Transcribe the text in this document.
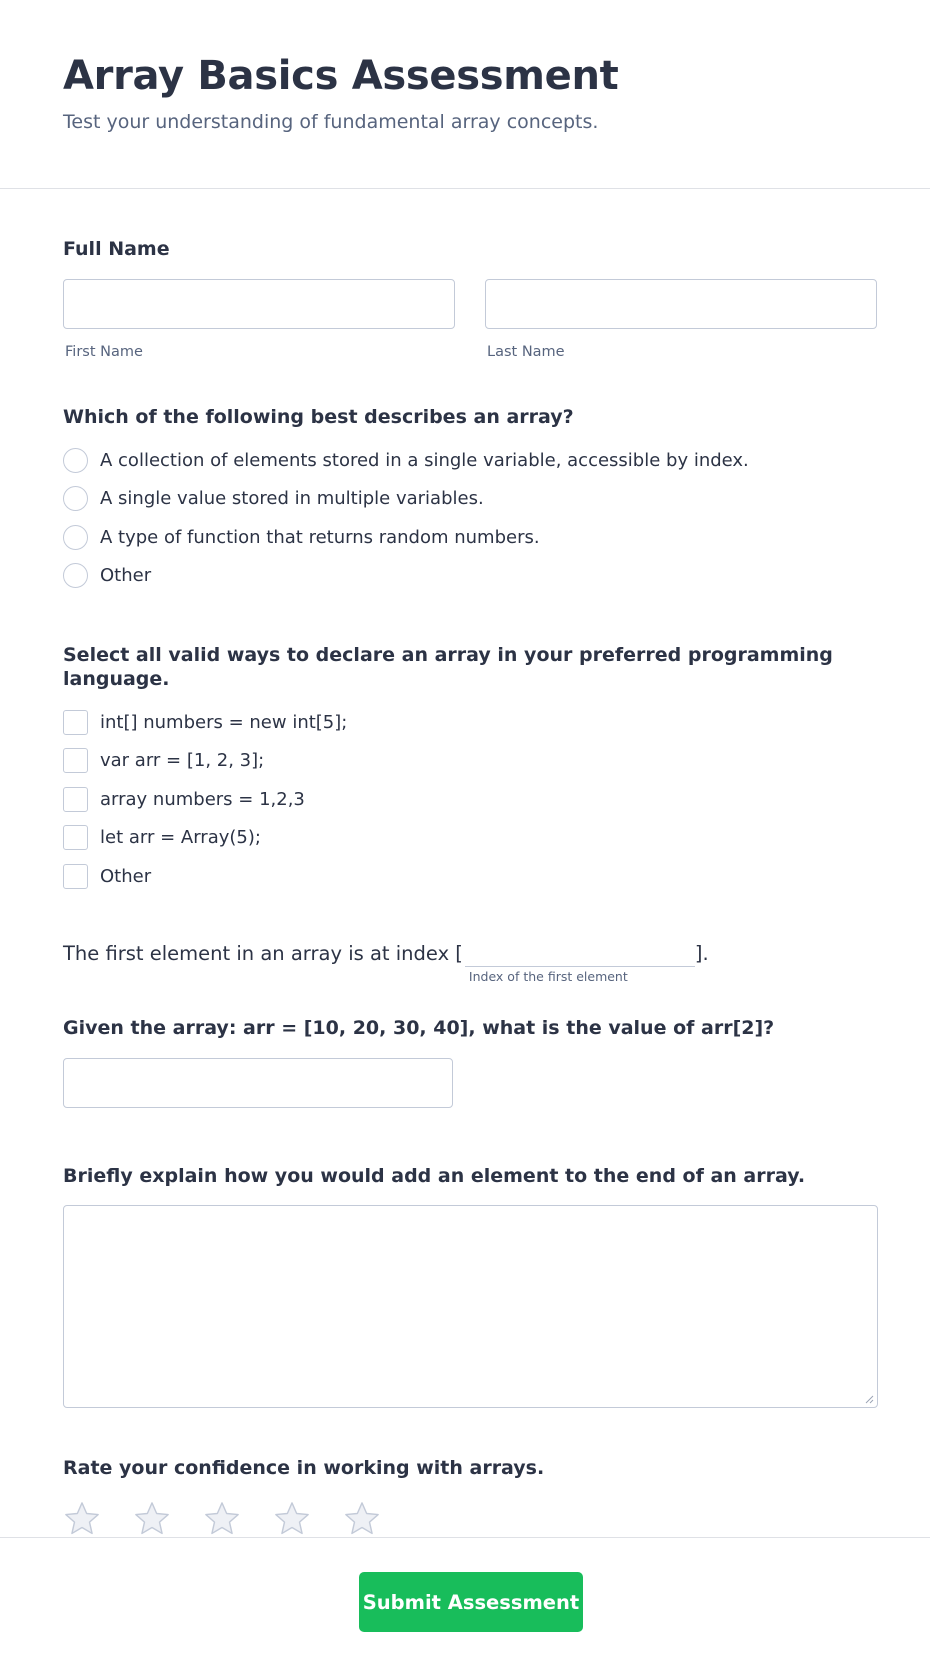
Array Basics Assessment
Test your understanding of fundamental array concepts.
Full Name
First Name	Last Name
Which of the following best describes an array?
A collection of elements stored in a single variable, accessible by index.
A single value stored in multiple variables.
A type of function that returns random numbers.
Other
Select all valid ways to declare an array in your preferred programming language.
int[] numbers = new int[5];
var arr = [1, 2, 3];
array numbers = 1,2,3
let arr = Array(5);
Other
The first element in an array is at index [
Index of the first element
].
Given the array: arr = [10, 20, 30, 40], what is the value of arr[2]?
Briefly explain how you would add an element to the end of an array.
Rate your confidence in working with arrays.
Submit Assessment
